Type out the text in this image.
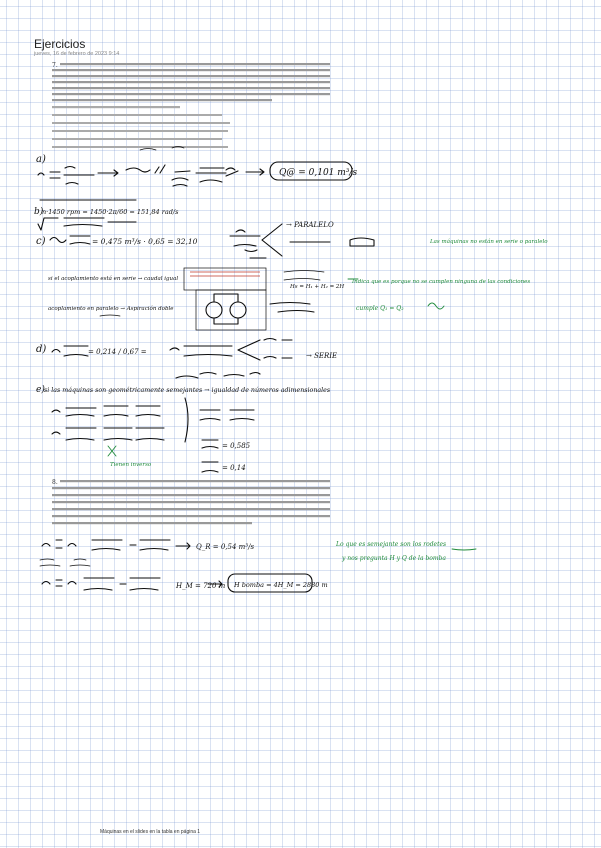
Ejercicios
jueves, 16 de febrero de 2023 9:14
7.
a)
Q@ = 0,101 m³/s
b)
n·1450 rpm = 1450·2π/60 = 151,84 rad/s
c)	= 0,475 m³/s · 0,65 = 32,10
→ PARALELO
Hs = H₁ + H₂ = 2H
Las máquinas no están en serie o paralelo
si el acoplamiento está en serie → caudal igual
acoplamiento en paralelo → Aspiración doble	cumple Q₁ = Q₂
Indica que es porque no se cumplen ninguna de las condiciones
d)	= 0,214 / 0,67 =	→ SERIE
e) si las máquinas son geométricamente semejantes → igualdad de números adimensionales
= 0,585
= 0,14
Tienen inverso
8.
Q_R = 0,54 m³/s
H_M = 720 m H bomba = 4H_M = 2880 m
Lo que es semejante son los rodetes
y nos pregunta H y Q de la bomba
Máquinas en el slides en la tabla en página 1
